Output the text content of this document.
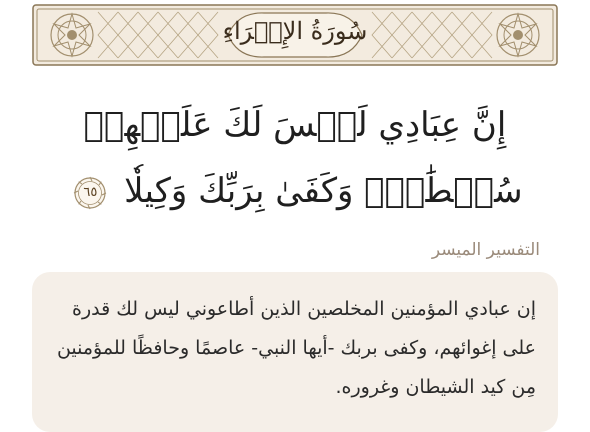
سُورَةُ الإِسۡرَاءِ
إِنَّ عِبَادِي لَيۡسَ لَكَ عَلَيۡهِمۡ سُلۡطَٰنٞۚ وَكَفَىٰ بِرَبِّكَ وَكِيلٗا
٦٥
التفسير الميسر

إن عبادي المؤمنين المخلصين الذين أطاعوني ليس لك قدرة على إغوائهم، وكفى بربك -أيها النبي- عاصمًا وحافظًا للمؤمنين مِن كيد الشيطان وغروره.
